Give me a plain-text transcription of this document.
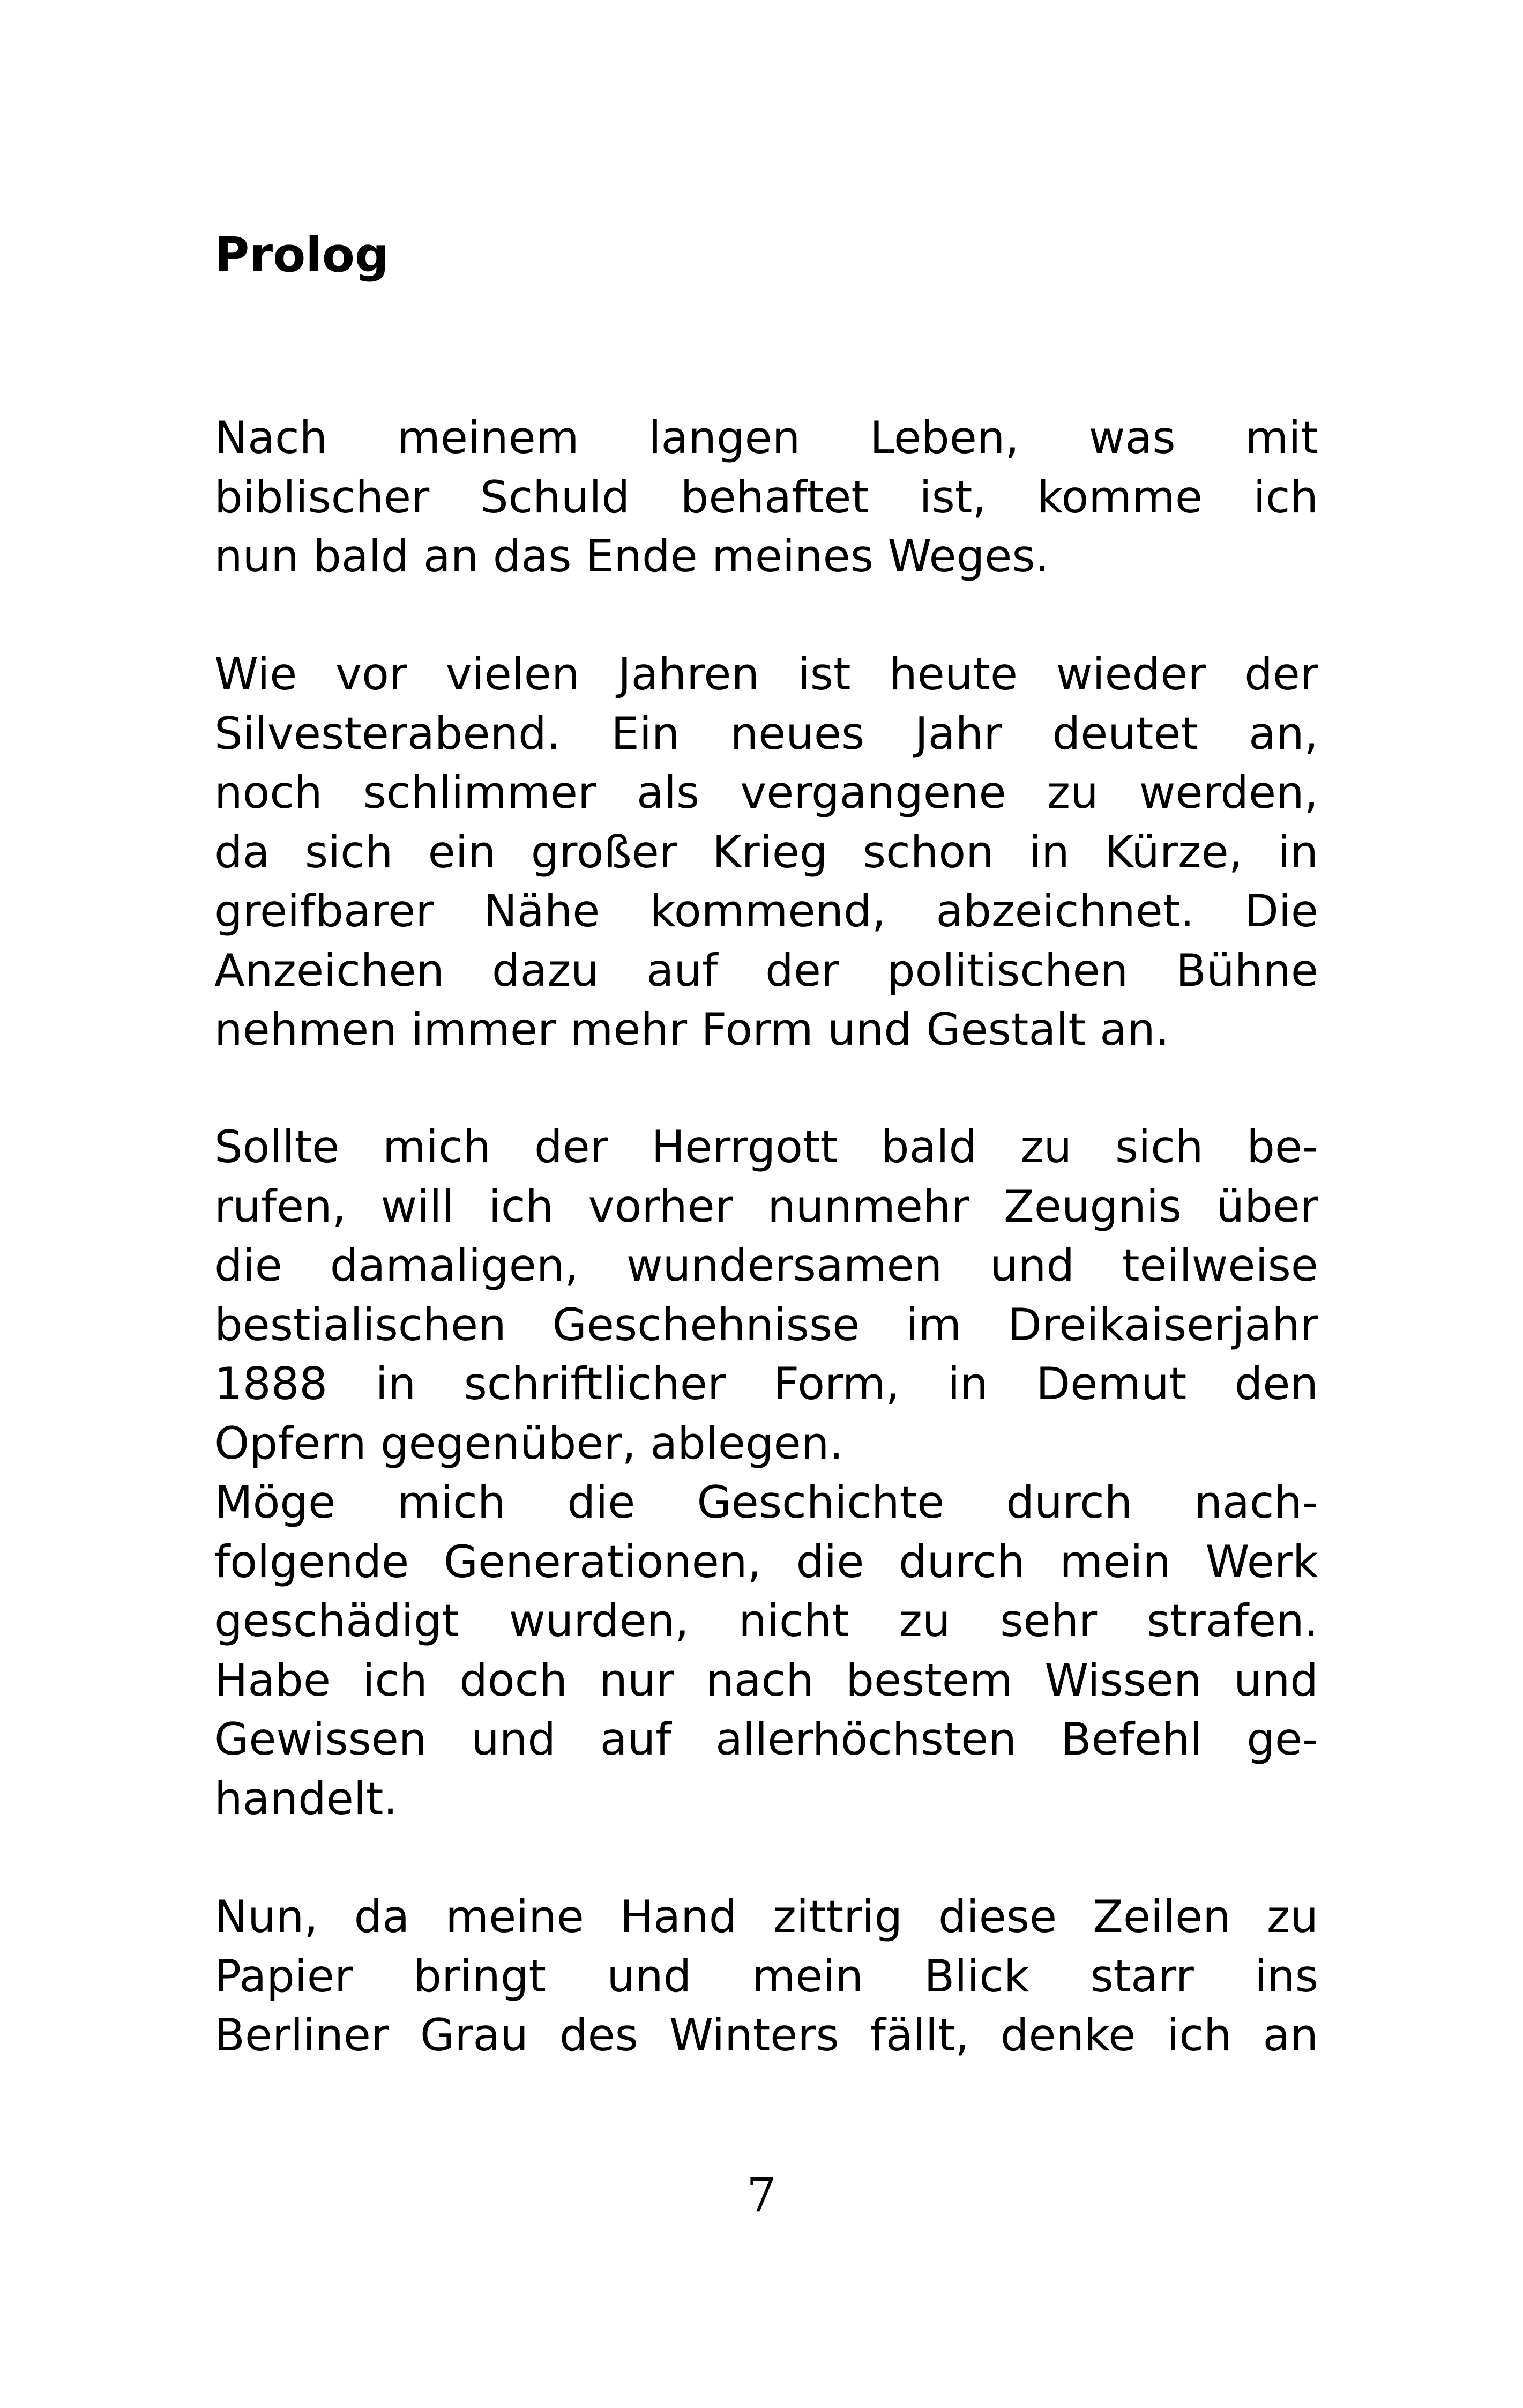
Prolog

Nach meinem langen Leben, was mit
biblischer Schuld behaftet ist, komme ich
nun bald an das Ende meines Weges.

Wie vor vielen Jahren ist heute wieder der
Silvesterabend. Ein neues Jahr deutet an,
noch schlimmer als vergangene zu werden,
da sich ein großer Krieg schon in Kürze, in
greifbarer Nähe kommend, abzeichnet. Die
Anzeichen dazu auf der politischen Bühne
nehmen immer mehr Form und Gestalt an.

Sollte mich der Herrgott bald zu sich be-
rufen, will ich vorher nunmehr Zeugnis über
die damaligen, wundersamen und teilweise
bestialischen Geschehnisse im Dreikaiserjahr
1888 in schriftlicher Form, in Demut den
Opfern gegenüber, ablegen.

Möge mich die Geschichte durch nach-
folgende Generationen, die durch mein Werk
geschädigt wurden, nicht zu sehr strafen.
Habe ich doch nur nach bestem Wissen und
Gewissen und auf allerhöchsten Befehl ge-
handelt.

Nun, da meine Hand zittrig diese Zeilen zu
Papier bringt und mein Blick starr ins
Berliner Grau des Winters fällt, denke ich an

7
